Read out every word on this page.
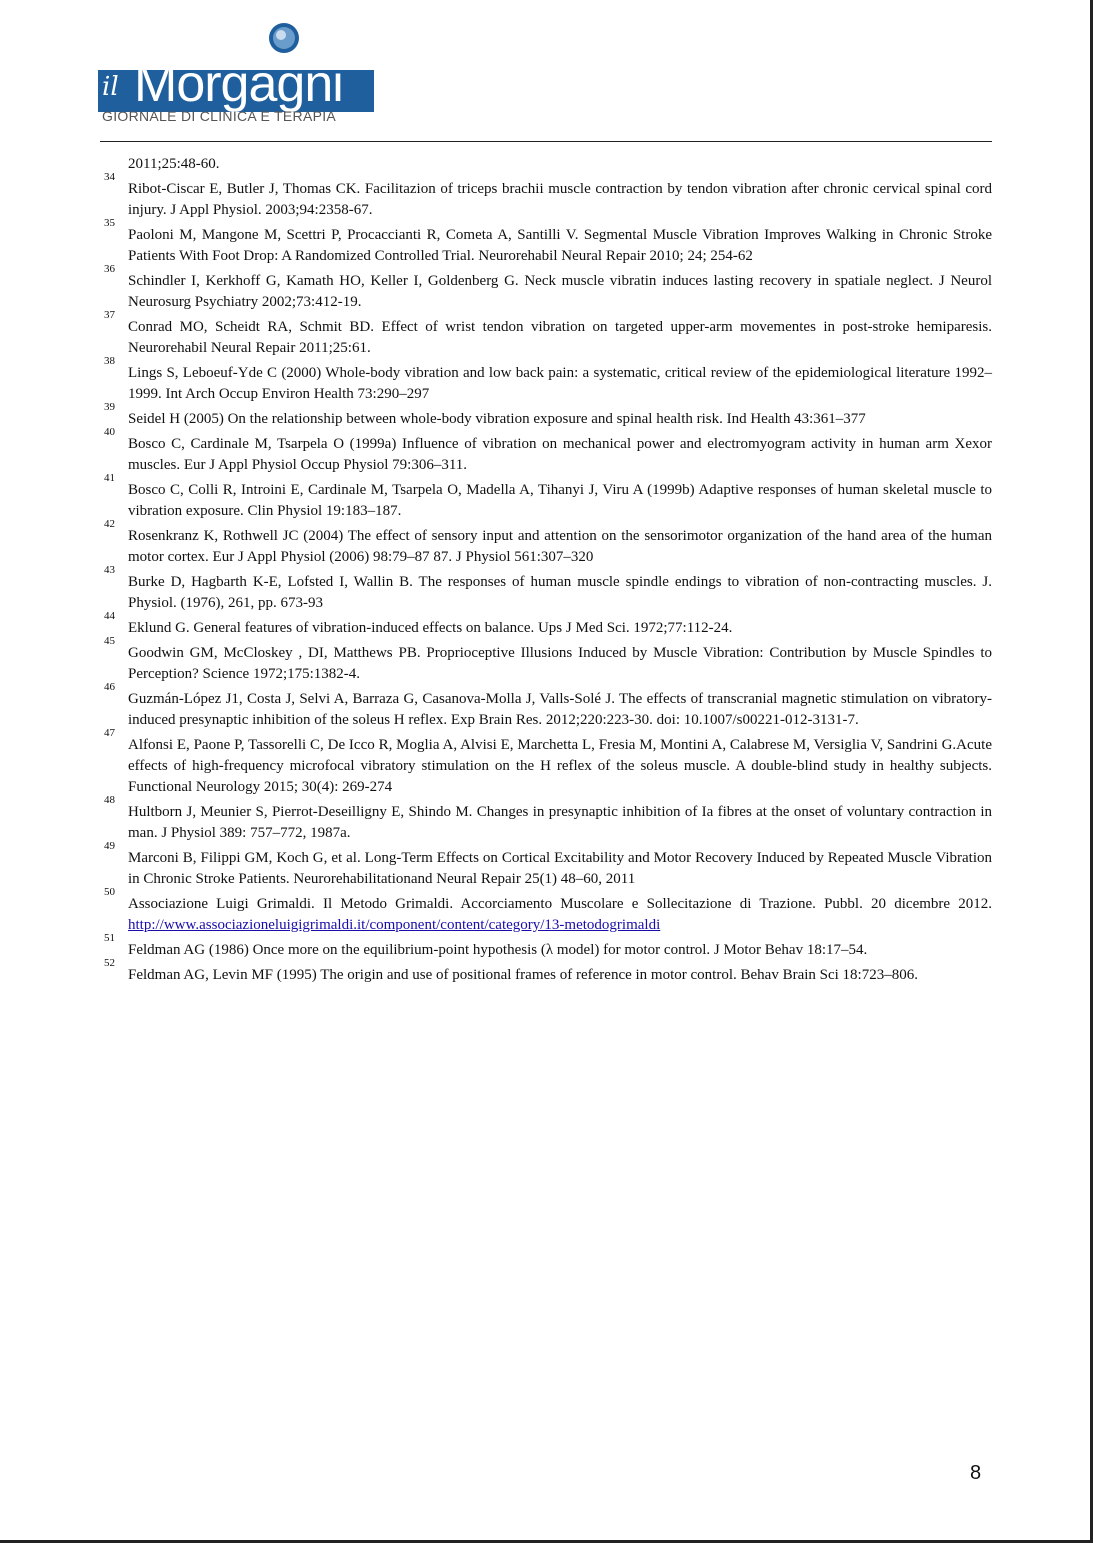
il Morgagni
GIORNALE DI CLINICA E TERAPIA
2011;25:48-60.
34
Ribot-Ciscar E, Butler J, Thomas CK. Facilitazion of triceps brachii muscle contraction by tendon vibration after chronic cervical spinal cord injury. J Appl Physiol. 2003;94:2358-67.
35
Paoloni M, Mangone M, Scettri P, Procaccianti R, Cometa A, Santilli V. Segmental Muscle Vibration Improves Walking in Chronic Stroke Patients With Foot Drop: A Randomized Controlled Trial. Neurorehabil Neural Repair 2010; 24; 254-62
36
Schindler I, Kerkhoff G, Kamath HO, Keller I, Goldenberg G. Neck muscle vibratin induces lasting recovery in spatiale neglect. J Neurol Neurosurg Psychiatry 2002;73:412-19.
37
Conrad MO, Scheidt RA, Schmit BD. Effect of wrist tendon vibration on targeted upper-arm movementes in post-stroke hemiparesis. Neurorehabil Neural Repair 2011;25:61.
38
Lings S, Leboeuf-Yde C (2000) Whole-body vibration and low back pain: a systematic, critical review of the epidemiological literature 1992–1999. Int Arch Occup Environ Health 73:290–297
39
Seidel H (2005) On the relationship between whole-body vibration exposure and spinal health risk. Ind Health 43:361–377
40
Bosco C, Cardinale M, Tsarpela O (1999a) Influence of vibration on mechanical power and electromyogram activity in human arm Xexor muscles. Eur J Appl Physiol Occup Physiol 79:306–311.
41
Bosco C, Colli R, Introini E, Cardinale M, Tsarpela O, Madella A, Tihanyi J, Viru A (1999b) Adaptive responses of human skeletal muscle to vibration exposure. Clin Physiol 19:183–187.
42
Rosenkranz K, Rothwell JC (2004) The effect of sensory input and attention on the sensorimotor organization of the hand area of the human motor cortex. Eur J Appl Physiol (2006) 98:79–87 87. J Physiol 561:307–320
43
Burke D, Hagbarth K-E, Lofsted I, Wallin B. The responses of human muscle spindle endings to vibration of non-contracting muscles. J. Physiol. (1976), 261, pp. 673-93
44
Eklund G. General features of vibration-induced effects on balance. Ups J Med Sci. 1972;77:112-24.
45
Goodwin GM, McCloskey , DI, Matthews PB. Proprioceptive Illusions Induced by Muscle Vibration: Contribution by Muscle Spindles to Perception? Science 1972;175:1382-4.
46
Guzmán-López J1, Costa J, Selvi A, Barraza G, Casanova-Molla J, Valls-Solé J. The effects of transcranial magnetic stimulation on vibratory-induced presynaptic inhibition of the soleus H reflex. Exp Brain Res. 2012;220:223-30. doi: 10.1007/s00221-012-3131-7.
47
Alfonsi E, Paone P, Tassorelli C, De Icco R, Moglia A, Alvisi E, Marchetta L, Fresia M, Montini A, Calabrese M, Versiglia V, Sandrini G.Acute effects of high-frequency microfocal vibratory stimulation on the H reflex of the soleus muscle. A double-blind study in healthy subjects. Functional Neurology 2015; 30(4): 269-274
48
Hultborn J, Meunier S, Pierrot-Deseilligny E, Shindo M. Changes in presynaptic inhibition of Ia fibres at the onset of voluntary contraction in man. J Physiol 389: 757–772, 1987a.
49
Marconi B, Filippi GM, Koch G, et al. Long-Term Effects on Cortical Excitability and Motor Recovery Induced by Repeated Muscle Vibration in Chronic Stroke Patients. Neurorehabilitationand Neural Repair 25(1) 48–60, 2011
50
Associazione Luigi Grimaldi. Il Metodo Grimaldi. Accorciamento Muscolare e Sollecitazione di Trazione. Pubbl. 20 dicembre 2012. http://www.associazioneluigigrimaldi.it/component/content/category/13-metodogrimaldi
51
Feldman AG (1986) Once more on the equilibrium-point hypothesis (λ model) for motor control. J Motor Behav 18:17–54.
52
Feldman AG, Levin MF (1995) The origin and use of positional frames of reference in motor control. Behav Brain Sci 18:723–806.
8
